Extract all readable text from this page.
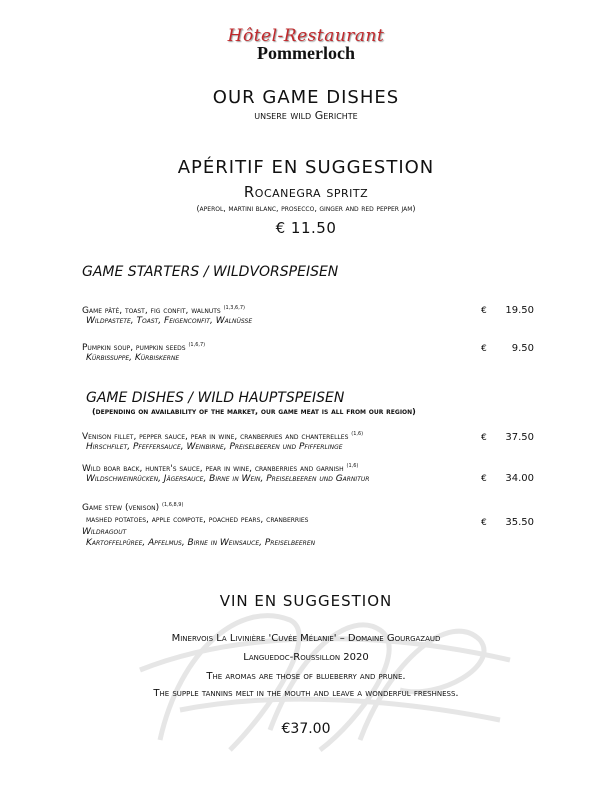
Hôtel-Restaurant
Pommerloch
OUR GAME DISHES
unsere wild Gerichte
APÉRITIF EN SUGGESTION
Rocanegra spritz
(aperol, martini blanc, prosecco, ginger and red pepper jam)
€ 11.50
GAME STARTERS / WILDVORSPEISEN
Game pâté, toast, fig confit, walnuts $^{(1,3,6,7)}$
Wildpastete, Toast, Feigenconfit, Walnüsse
€	19.50
Pumpkin soup, pumpkin seeds $^{(1,6,7)}$
Kürbissuppe, Kürbiskerne
€	9.50
GAME DISHES / WILD HAUPTSPEISEN
(depending on availability of the market, our game meat is all from our region)
Venison fillet, pepper sauce, pear in wine, cranberries and chanterelles $^{(1,6)}$
Hirschfilet, Pfeffersauce, Weinbirne, Preiselbeeren und Pfifferlinge
€	37.50
Wild boar back, hunter's sauce, pear in wine, cranberries and garnish $^{(1,6)}$
Wildschweinrücken, Jägersauce, Birne in Wein, Preiselbeeren und Garnitur	€	34.00
Game stew (venison) $^{(1,6,8,9)}$
mashed potatoes, apple compote, poached pears, cranberries
Wildragout
Kartoffelpüree, Apfelmus, Birne in Weinsauce, Preiselbeeren
€	35.50
VIN EN SUGGESTION
Minervois La Livinière 'Cuvée Mélanie' – Domaine Gourgazaud
Languedoc-Roussillon 2020
The aromas are those of blueberry and prune.
The supple tannins melt in the mouth and leave a wonderful freshness.
€37.00
